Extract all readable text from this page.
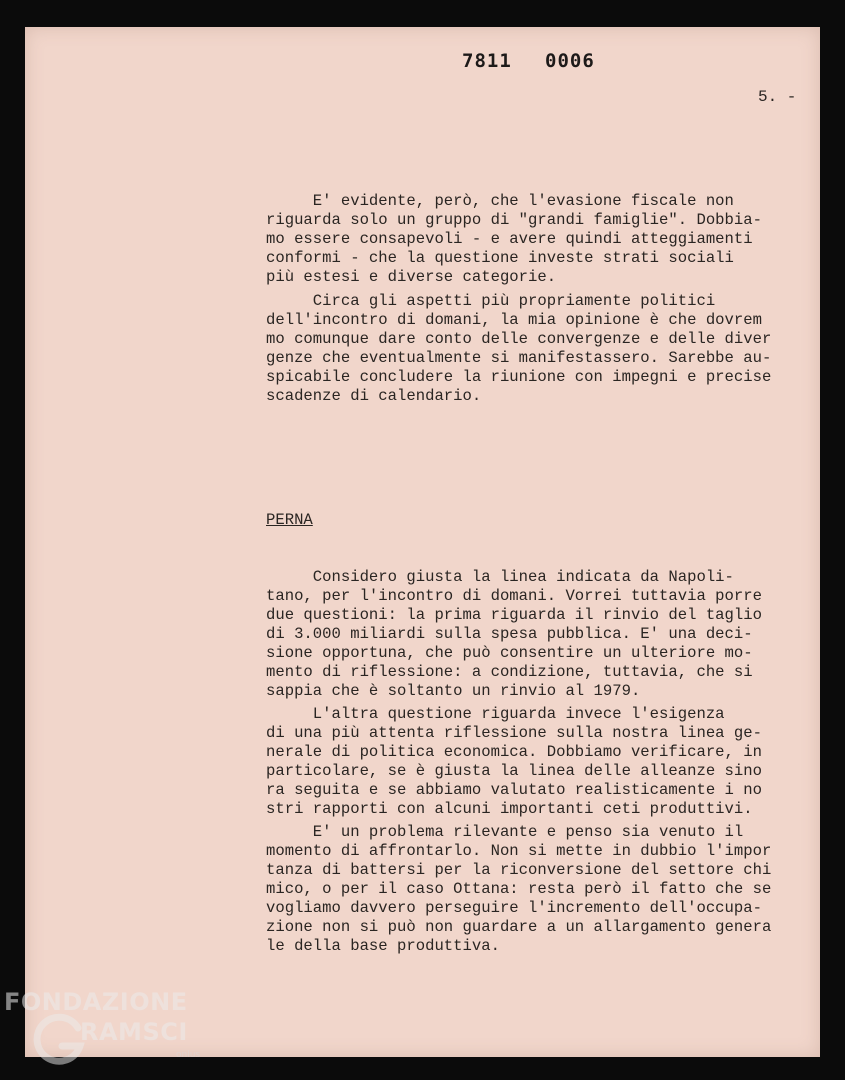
7811 0006
5. -
E' evidente, però, che l'evasione fiscale non
riguarda solo un gruppo di "grandi famiglie". Dobbia-
mo essere consapevoli - e avere quindi atteggiamenti
conformi - che la questione investe strati sociali
più estesi e diverse categorie.
Circa gli aspetti più propriamente politici
dell'incontro di domani, la mia opinione è che dovrem
mo comunque dare conto delle convergenze e delle diver
genze che eventualmente si manifestassero. Sarebbe au-
spicabile concludere la riunione con impegni e precise
scadenze di calendario.
PERNA
Considero giusta la linea indicata da Napoli-
tano, per l'incontro di domani. Vorrei tuttavia porre
due questioni: la prima riguarda il rinvio del taglio
di 3.000 miliardi sulla spesa pubblica. E' una deci-
sione opportuna, che può consentire un ulteriore mo-
mento di riflessione: a condizione, tuttavia, che si
sappia che è soltanto un rinvio al 1979.
L'altra questione riguarda invece l'esigenza
di una più attenta riflessione sulla nostra linea ge-
nerale di politica economica. Dobbiamo verificare, in
particolare, se è giusta la linea delle alleanze sino
ra seguita e se abbiamo valutato realisticamente i no
stri rapporti con alcuni importanti ceti produttivi.
E' un problema rilevante e penso sia venuto il
momento di affrontarlo. Non si mette in dubbio l'impor
tanza di battersi per la riconversione del settore chi
mico, o per il caso Ottana: resta però il fatto che se
vogliamo davvero perseguire l'incremento dell'occupa-
zione non si può non guardare a un allargamento genera
le della base produttiva.
FONDAZIONE
RAMSCI
onlus
